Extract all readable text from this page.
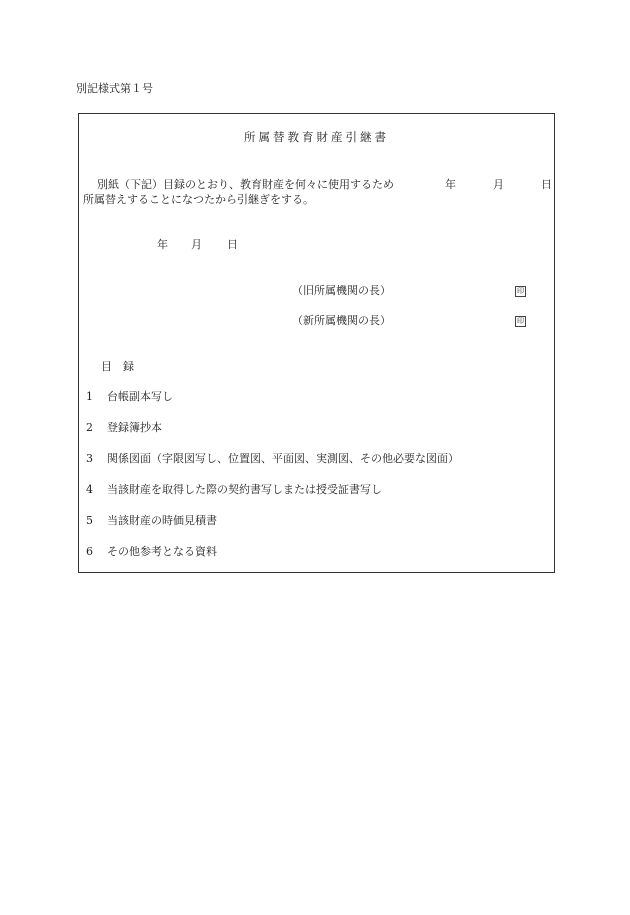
別記様式第１号
所属替教育財産引継書
別紙（下記）目録のとおり、教育財産を何々に使用するため	年	月	日
所属替えすることになつたから引継ぎをする。
年 月 日
（旧所属機関の長）	印
（新所属機関の長）	印
目　録
1 台帳副本写し
2 登録簿抄本
3 関係図面（字限図写し、位置図、平面図、実測図、その他必要な図面）
4 当該財産を取得した際の契約書写しまたは授受証書写し
5 当該財産の時価見積書
6 その他参考となる資料
